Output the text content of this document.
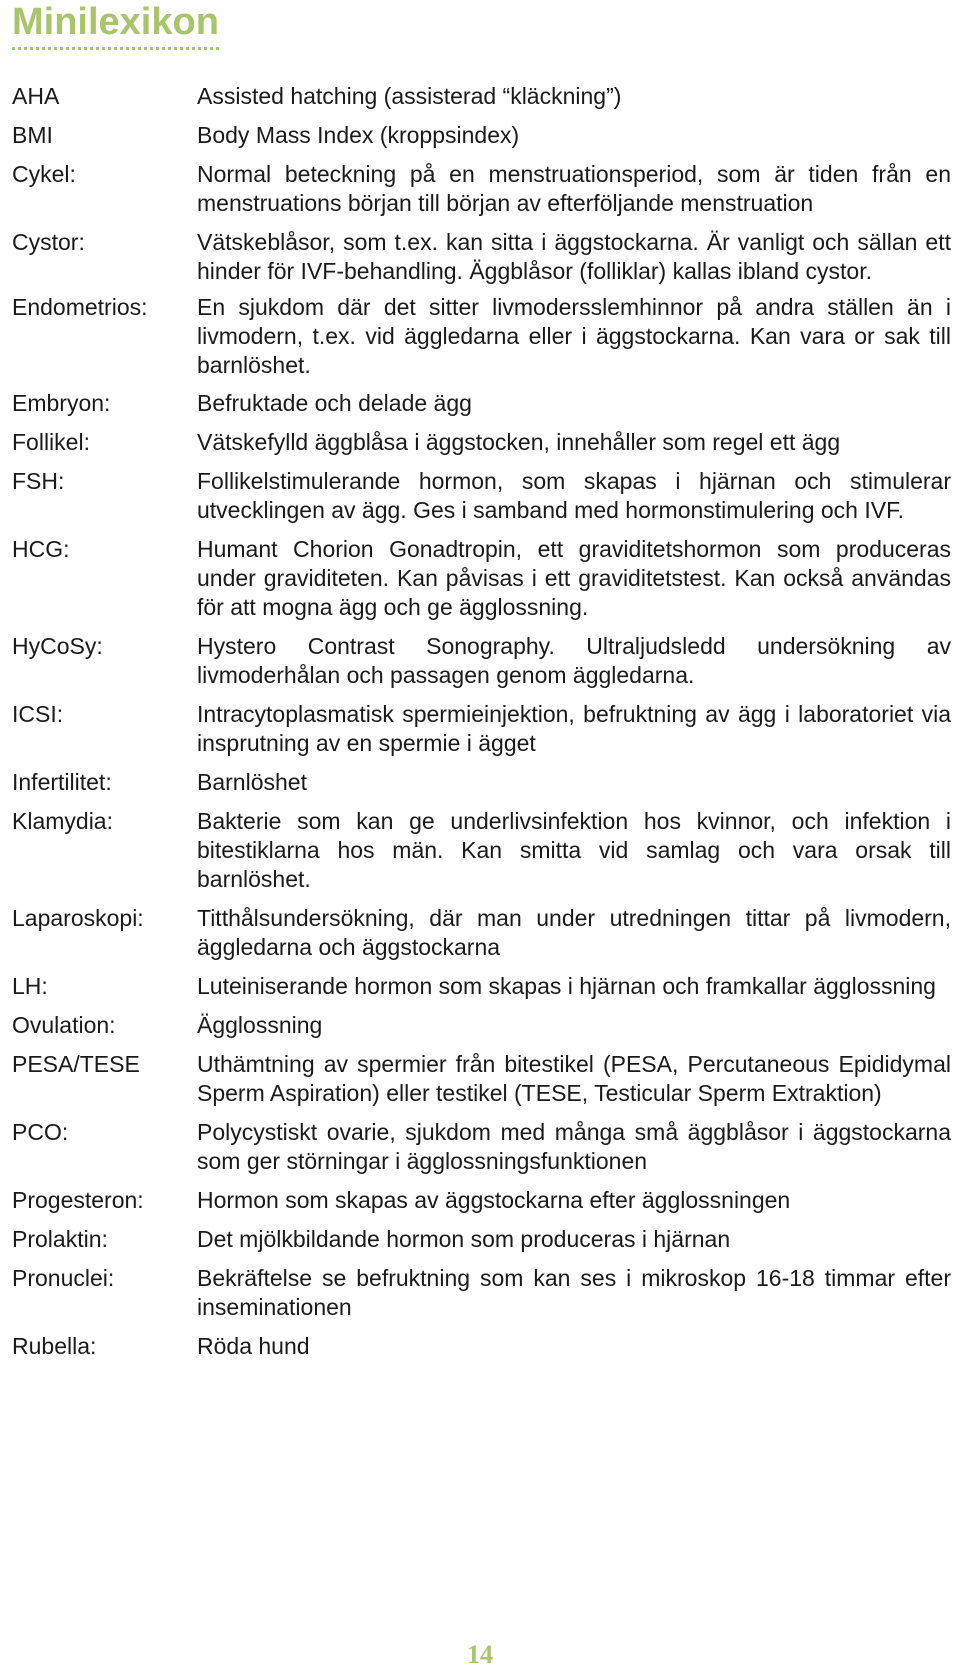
Minilexikon
AHA	Assisted hatching (assisterad “kläckning”)
BMI	Body Mass Index (kroppsindex)
Cykel:	Normal beteckning på en menstruationsperiod, som är tiden från en menstruations början till början av efterföljande menstruation
Cystor:	Vätskeblåsor, som t.ex. kan sitta i äggstockarna. Är vanligt och sällan ett hinder för IVF-behandling. Äggblåsor (folliklar) kallas ibland cystor.
Endometrios:	En sjukdom där det sitter livmodersslemhinnor på andra ställen än i livmodern, t.ex. vid äggledarna eller i äggstockarna. Kan vara or sak till barnlöshet.
Embryon:	Befruktade och delade ägg
Follikel:	Vätskefylld äggblåsa i äggstocken, innehåller som regel ett ägg
FSH:	Follikelstimulerande hormon, som skapas i hjärnan och stimulerar utvecklingen av ägg. Ges i samband med hormonstimulering och IVF.
HCG:	Humant Chorion Gonadtropin, ett graviditetshormon som produceras under graviditeten. Kan påvisas i ett graviditetstest. Kan också användas för att mogna ägg och ge ägglossning.
HyCoSy:	Hystero Contrast Sonography. Ultraljudsledd undersökning av livmoderhålan och passagen genom äggledarna.
ICSI:	Intracytoplasmatisk spermieinjektion, befruktning av ägg i laboratoriet via insprutning av en spermie i ägget
Infertilitet:	Barnlöshet
Klamydia:	Bakterie som kan ge underlivsinfektion hos kvinnor, och infektion i bitestiklarna hos män. Kan smitta vid samlag och vara orsak till barnlöshet.
Laparoskopi:	Titthålsundersökning, där man under utredningen tittar på livmodern, äggledarna och äggstockarna
LH:	Luteiniserande hormon som skapas i hjärnan och framkallar ägglossning
Ovulation:	Ägglossning
PESA/TESE	Uthämtning av spermier från bitestikel (PESA, Percutaneous Epididymal Sperm Aspiration) eller testikel (TESE, Testicular Sperm Extraktion)
PCO:	Polycystiskt ovarie, sjukdom med många små äggblåsor i äggstockarna som ger störningar i ägglossningsfunktionen
Progesteron:	Hormon som skapas av äggstockarna efter ägglossningen
Prolaktin:	Det mjölkbildande hormon som produceras i hjärnan
Pronuclei:	Bekräftelse se befruktning som kan ses i mikroskop 16-18 timmar efter inseminationen
Rubella:	Röda hund
14
